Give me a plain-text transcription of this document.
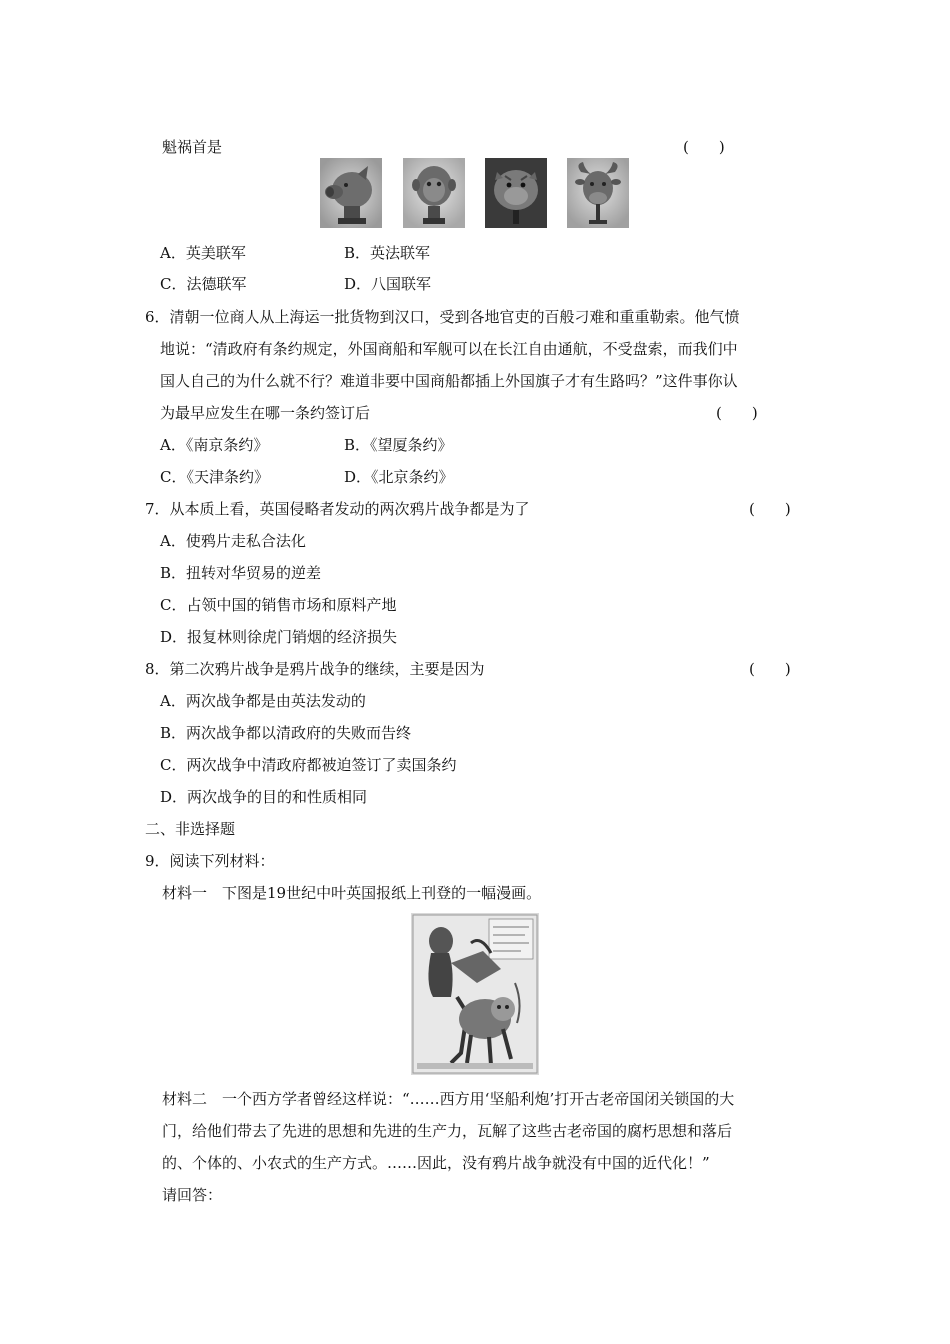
魁祸首是	(　　)
A．英美联军	B．英法联军
C．法德联军	D．八国联军
6．清朝一位商人从上海运一批货物到汉口，受到各地官吏的百般刁难和重重勒索。他气愤
地说：“清政府有条约规定，外国商船和军舰可以在长江自由通航，不受盘索，而我们中
国人自己的为什么就不行？难道非要中国商船都插上外国旗子才有生路吗？”这件事你认
为最早应发生在哪一条约签订后	(　　)
A．《南京条约》	B．《望厦条约》
C．《天津条约》	D．《北京条约》
7．从本质上看，英国侵略者发动的两次鸦片战争都是为了	(　　)
A．使鸦片走私合法化
B．扭转对华贸易的逆差
C．占领中国的销售市场和原料产地
D．报复林则徐虎门销烟的经济损失
8．第二次鸦片战争是鸦片战争的继续，主要是因为	(　　)
A．两次战争都是由英法发动的
B．两次战争都以清政府的失败而告终
C．两次战争中清政府都被迫签订了卖国条约
D．两次战争的目的和性质相同
二、非选择题
9．阅读下列材料：
材料一　下图是19世纪中叶英国报纸上刊登的一幅漫画。
材料二　一个西方学者曾经这样说：“……西方用‘坚船利炮’打开古老帝国闭关锁国的大
门，给他们带去了先进的思想和先进的生产力，瓦解了这些古老帝国的腐朽思想和落后
的、个体的、小农式的生产方式。……因此，没有鸦片战争就没有中国的近代化！”
请回答：
